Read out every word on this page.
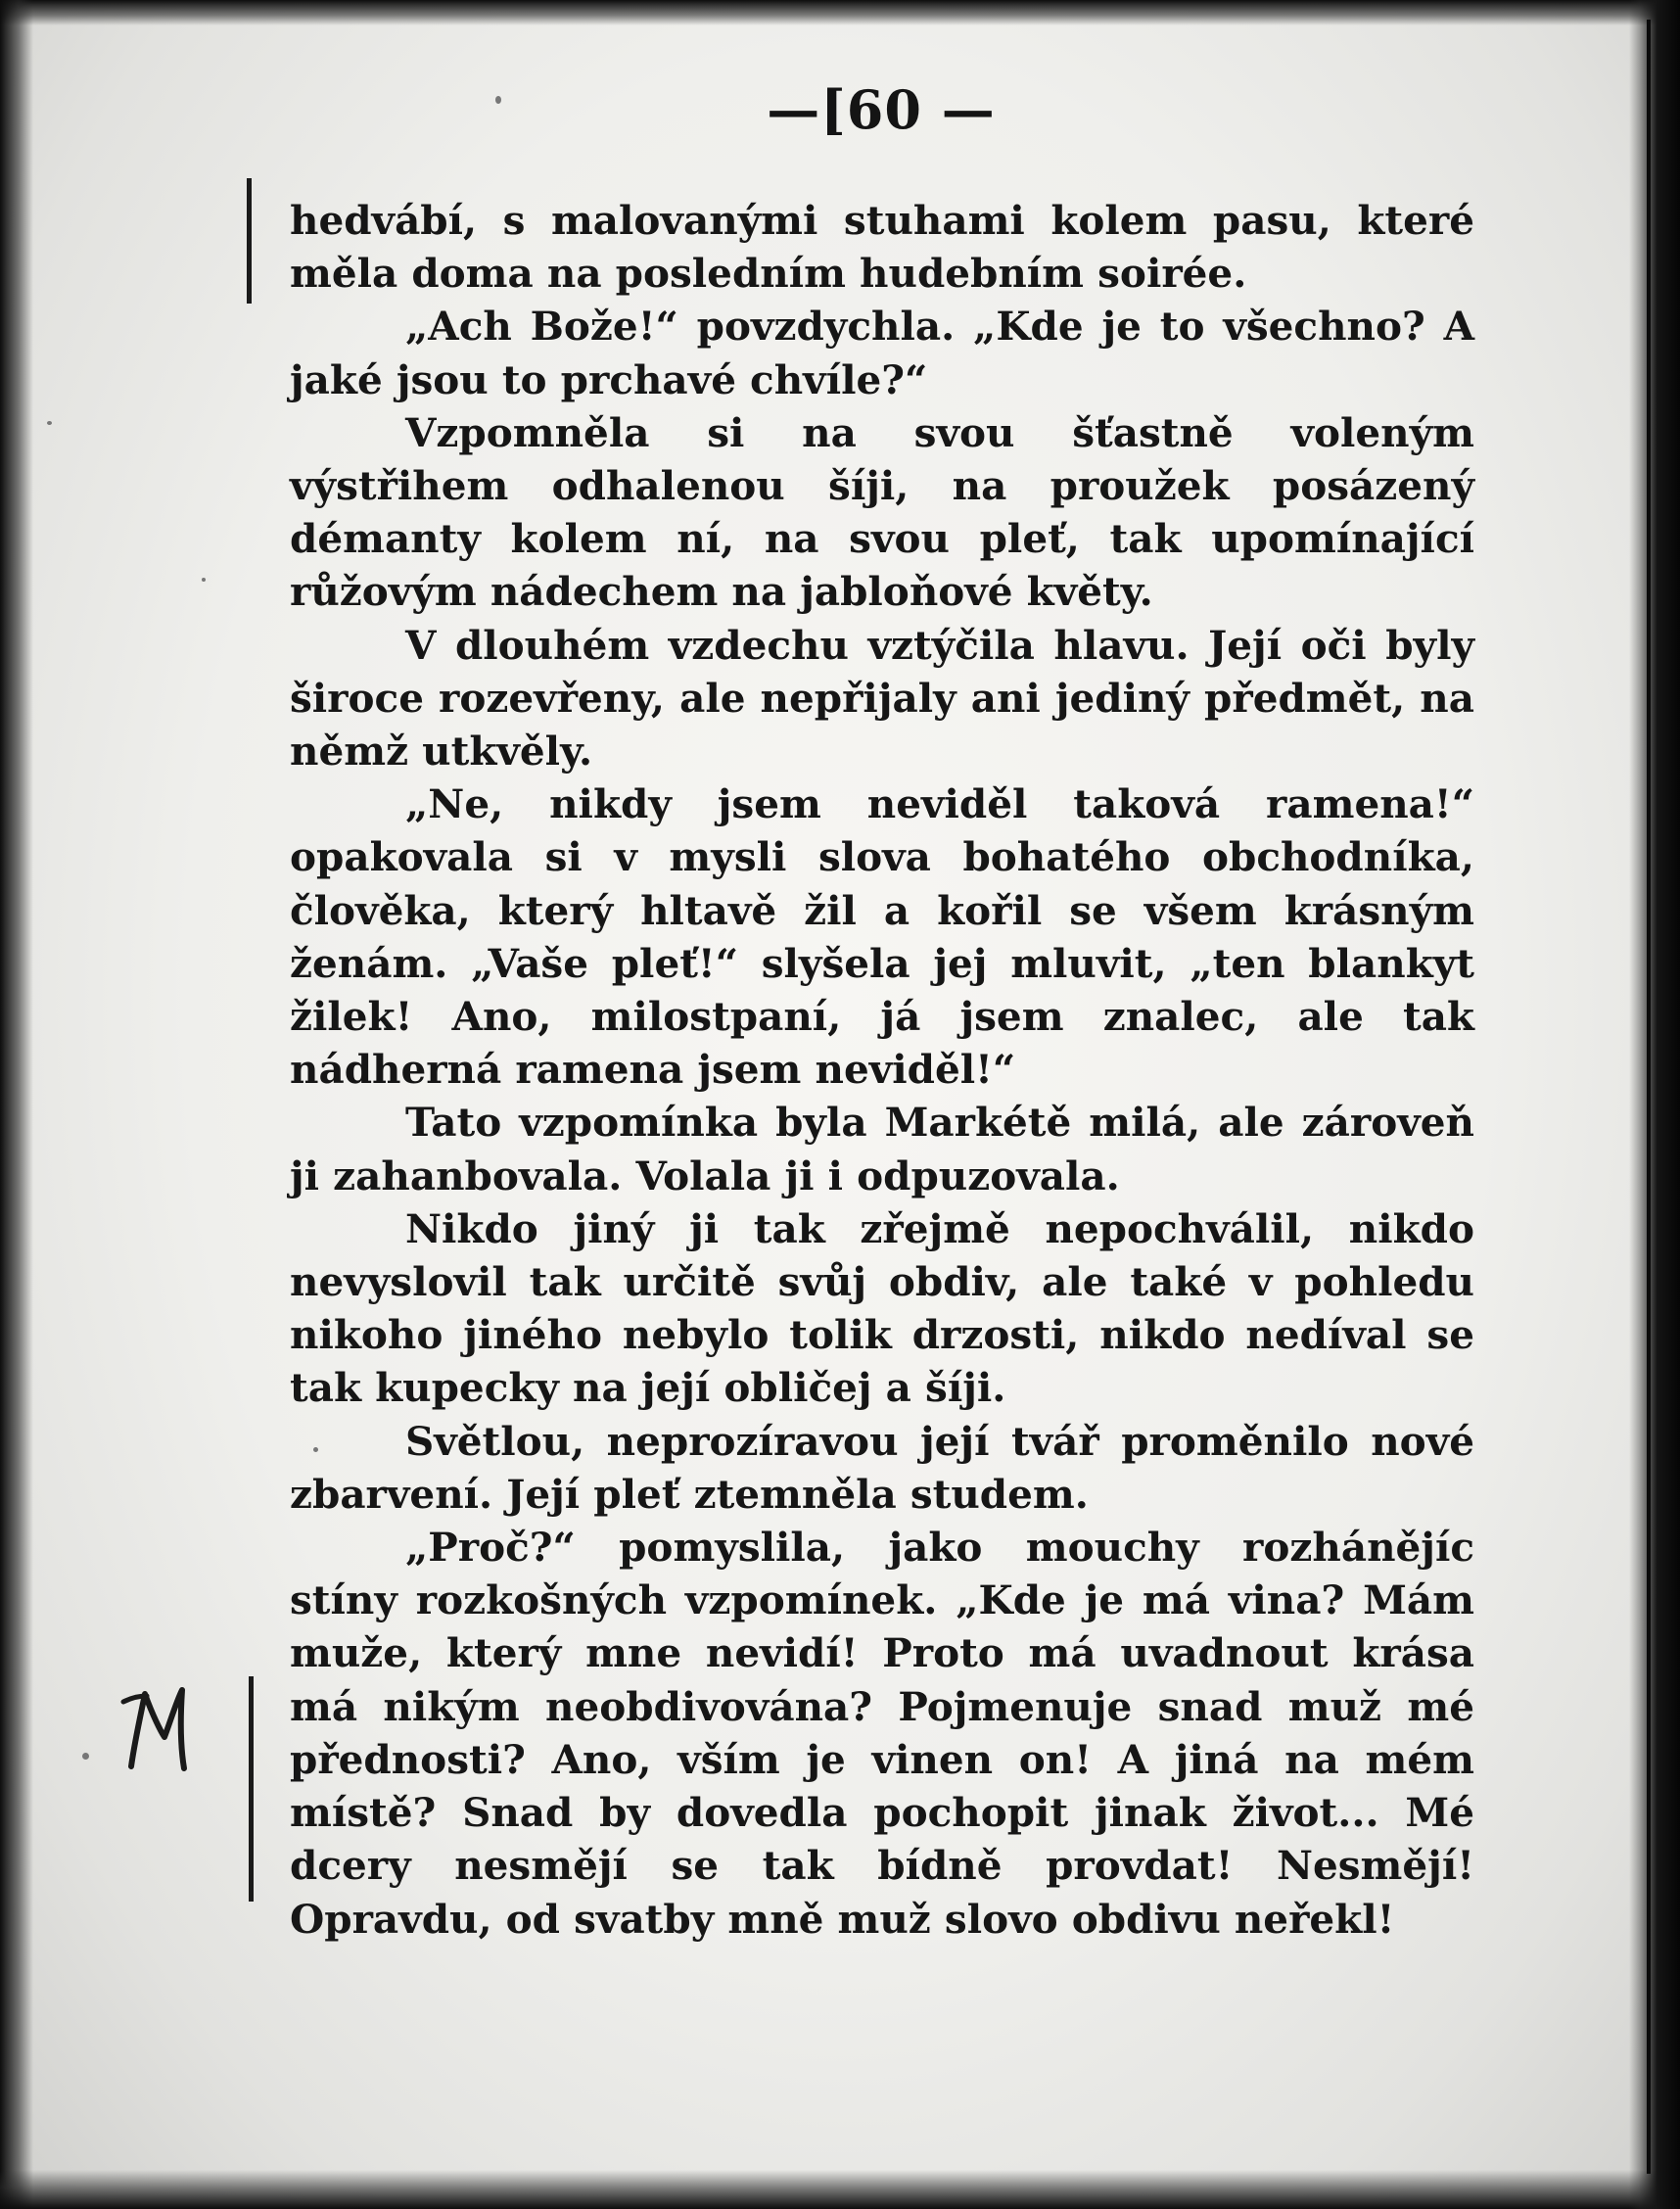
—[60 —

hedvábí, s malovanými stuhami kolem pasu, které měla doma na posledním hudebním soirée.

„Ach Bože!“ povzdychla. „Kde je to všechno? A jaké jsou to prchavé chvíle?“

Vzpomněla si na svou šťastně voleným výstřihem odhalenou šíji, na proužek posázený démanty kolem ní, na svou pleť, tak upomínající růžovým nádechem na jabloňové květy.

V dlouhém vzdechu vztýčila hlavu. Její oči byly široce rozevřeny, ale nepřijaly ani jediný předmět, na němž utkvěly.

„Ne, nikdy jsem neviděl taková ramena!“ opakovala si v mysli slova bohatého obchodníka, člověka, který hltavě žil a kořil se všem krásným ženám. „Vaše pleť!“ slyšela jej mluvit, „ten blankyt žilek! Ano, milostpaní, já jsem znalec, ale tak nádherná ramena jsem neviděl!“

Tato vzpomínka byla Markétě milá, ale zároveň ji zahanbovala. Volala ji i odpuzovala.

Nikdo jiný ji tak zřejmě nepochválil, nikdo nevyslovil tak určitě svůj obdiv, ale také v pohledu nikoho jiného nebylo tolik drzosti, nikdo nedíval se tak kupecky na její obličej a šíji.

Světlou, neprozíravou její tvář proměnilo nové zbarvení. Její pleť ztemněla studem.

„Proč?“ pomyslila, jako mouchy rozhánějíc stíny rozkošných vzpomínek. „Kde je má vina? Mám muže, který mne nevidí! Proto má uvadnout krása má nikým neobdivována? Pojmenuje snad muž mé přednosti? Ano, vším je vinen on! A jiná na mém místě? Snad by dovedla pochopit jinak život... Mé dcery nesmějí se tak bídně provdat! Nesmějí! Opravdu, od svatby mně muž slovo obdivu neřekl!
